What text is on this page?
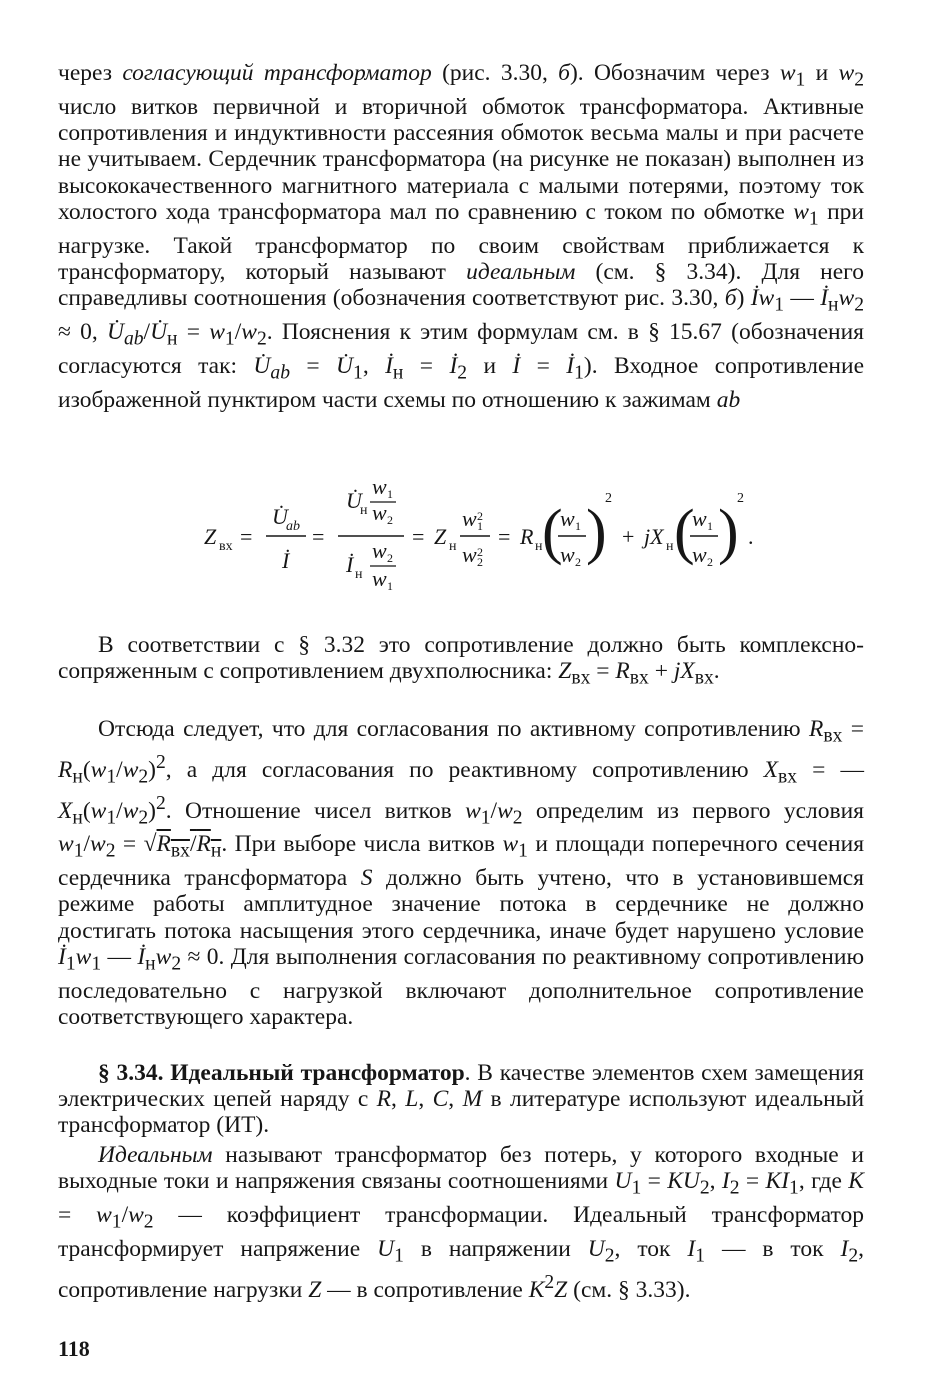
через согласующий трансформатор (рис. 3.30, б). Обозначим через $w_1$ и $w_2$ число витков первичной и вторичной обмоток трансформатора. Активные сопротивления и индуктивности рассеяния обмоток весьма малы и при расчете не учитываем. Сердечник трансформатора (на рисунке не показан) выполнен из высококачественного магнитного материала с малыми потерями, поэтому ток холостого хода трансформатора мал по сравнению с током по обмотке $w_1$ при нагрузке. Такой трансформатор по своим свойствам приближается к трансформатору, который называют идеальным (см. § 3.34). Для него справедливы соотношения (обозначения соответствуют рис. 3.30, б) $İw_1$ — $İ_нw_2 \approx 0$, $U̇_{ab}/U̇_н = w_1/w_2$. Пояснения к этим формулам см. в § 15.67 (обозначения согласуются так: $U̇_{ab}$ = $U̇_1$, $İ_н$ = $İ_2$ и İ = $İ_1$). Входное сопротивление изображенной пунктиром части схемы по отношению к зажимам ab

Z вх =
U̇
ab
İ
=
U̇
н
w 1
w 2
İ н
w 2
w 1
= Z н
w 2
1
w 2
2
= R н (
w 1
w 2 )
2
+ jX н (
w 1
w 2 )
2
.

В соответствии с § 3.32 это сопротивление должно быть комплексно-сопряженным с сопротивлением двухполюсника: $Z_{вх} = R_{вх} + jX_{вх}$.

Отсюда следует, что для согласования по активному сопротивлению $R_{вх} = R_н(w_1/w_2)^2$, а для согласования по реактивному сопротивлению $X_{вх}$ = — $X_н(w_1/w_2)^2$. Отношение чисел витков $w_1/w_2$ определим из первого условия $w_1/w_2 = √R_{вх}/R_н$. При выборе числа витков $w_1$ и площади поперечного сечения сердечника трансформатора S должно быть учтено, что в установившемся режиме работы амплитудное значение потока в сердечнике не должно достигать потока насыщения этого сердечника, иначе будет нарушено условие $İ_1w_1$ — $İ_нw_2 \approx 0$. Для выполнения согласования по реактивному сопротивлению последовательно с нагрузкой включают дополнительное сопротивление соответствующего характера.

§ 3.34. Идеальный трансформатор. В качестве элементов схем замещения электрических цепей наряду с R, L, C, M в литературе используют идеальный трансформатор (ИТ).

Идеальным называют трансформатор без потерь, у которого входные и выходные токи и напряжения связаны соотношениями $U_1 = KU_2$, $I_2 = KI_1$, где $K = w_1/w_2$ — коэффициент трансформации. Идеальный трансформатор трансформирует напряжение $U_1$ в напряжении $U_2$, ток $I_1$ — в ток $I_2$, сопротивление нагрузки Z — в сопротивление $K^2Z$ (см. § 3.33).

118
